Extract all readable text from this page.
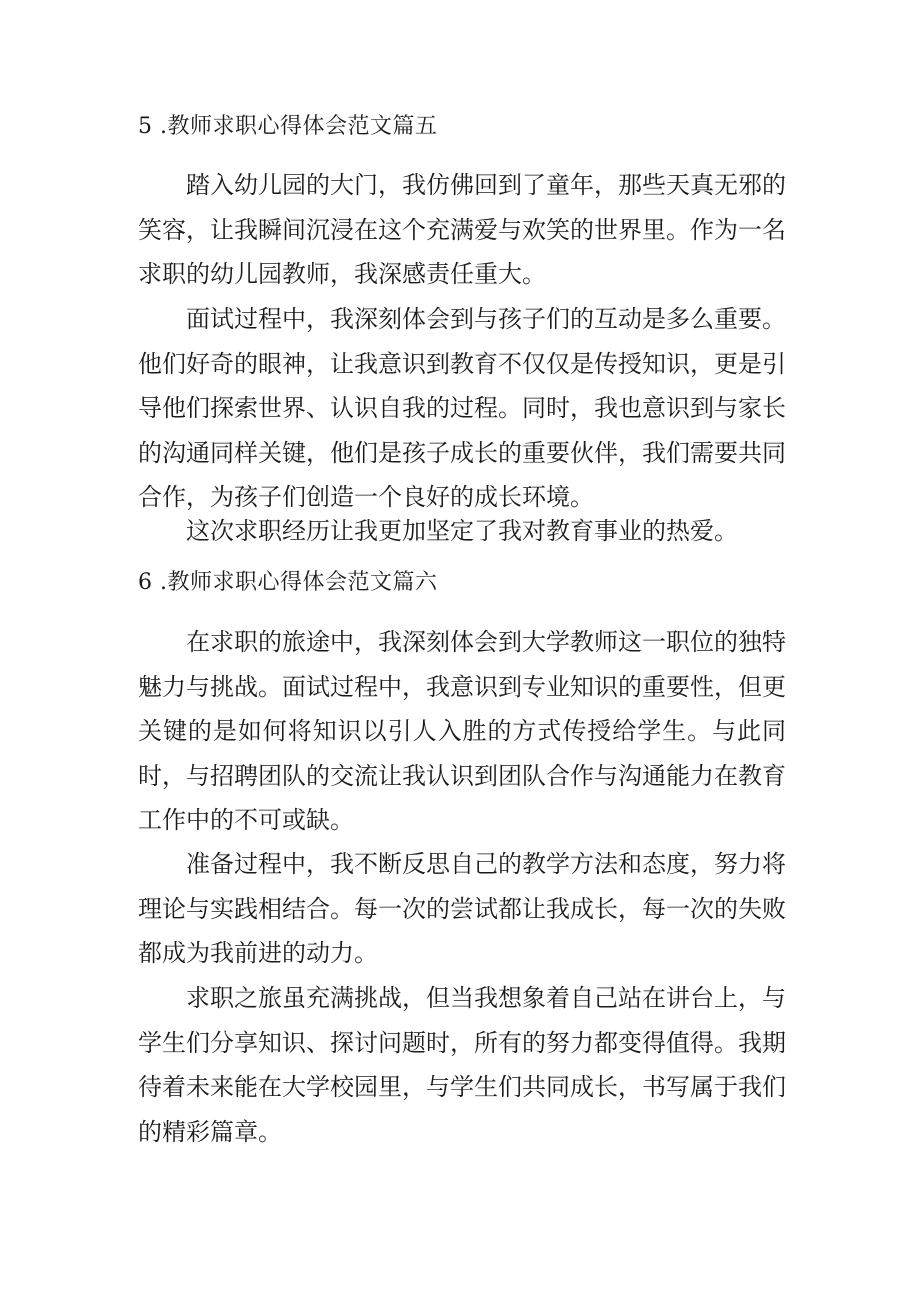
5 .教师求职心得体会范文篇五

踏入幼儿园的大门，我仿佛回到了童年，那些天真无邪的笑容，让我瞬间沉浸在这个充满爱与欢笑的世界里。作为一名求职的幼儿园教师，我深感责任重大。

面试过程中，我深刻体会到与孩子们的互动是多么重要。他们好奇的眼神，让我意识到教育不仅仅是传授知识，更是引导他们探索世界、认识自我的过程。同时，我也意识到与家长的沟通同样关键，他们是孩子成长的重要伙伴，我们需要共同合作，为孩子们创造一个良好的成长环境。

这次求职经历让我更加坚定了我对教育事业的热爱。

6 .教师求职心得体会范文篇六

在求职的旅途中，我深刻体会到大学教师这一职位的独特魅力与挑战。面试过程中，我意识到专业知识的重要性，但更关键的是如何将知识以引人入胜的方式传授给学生。与此同时，与招聘团队的交流让我认识到团队合作与沟通能力在教育工作中的不可或缺。

准备过程中，我不断反思自己的教学方法和态度，努力将理论与实践相结合。每一次的尝试都让我成长，每一次的失败都成为我前进的动力。

求职之旅虽充满挑战，但当我想象着自己站在讲台上，与学生们分享知识、探讨问题时，所有的努力都变得值得。我期待着未来能在大学校园里，与学生们共同成长，书写属于我们的精彩篇章。
